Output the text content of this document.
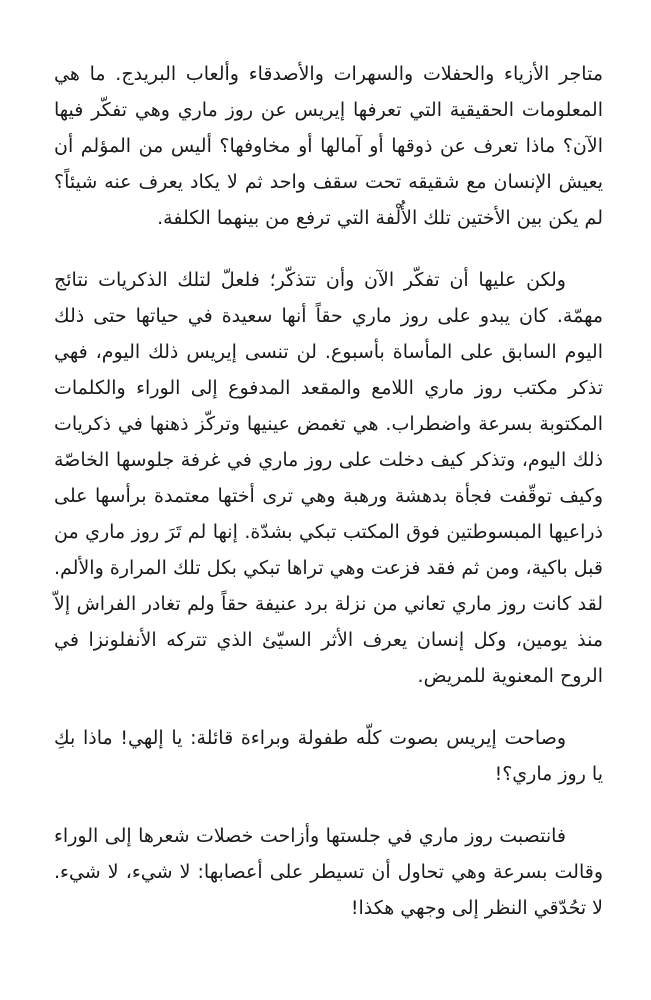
متاجر الأزياء والحفلات والسهرات والأصدقاء وألعاب البريدج. ما هي المعلومات الحقيقية التي تعرفها إيريس عن روز ماري وهي تفكّر فيها الآن؟ ماذا تعرف عن ذوقها أو آمالها أو مخاوفها؟ أليس من المؤلم أن يعيش الإنسان مع شقيقه تحت سقف واحد ثم لا يكاد يعرف عنه شيئاً؟ لم يكن بين الأختين تلك الأُلْفة التي ترفع من بينهما الكلفة.

ولكن عليها أن تفكّر الآن وأن تتذكّر؛ فلعلّ لتلك الذكريات نتائج مهمّة. كان يبدو على روز ماري حقاً أنها سعيدة في حياتها حتى ذلك اليوم السابق على المأساة بأسبوع. لن تنسى إيريس ذلك اليوم، فهي تذكر مكتب روز ماري اللامع والمقعد المدفوع إلى الوراء والكلمات المكتوبة بسرعة واضطراب. هي تغمض عينيها وتركّز ذهنها في ذكريات ذلك اليوم، وتذكر كيف دخلت على روز ماري في غرفة جلوسها الخاصّة وكيف توقّفت فجأة بدهشة ورهبة وهي ترى أختها معتمدة برأسها على ذراعيها المبسوطتين فوق المكتب تبكي بشدّة. إنها لم تَرَ روز ماري من قبل باكية، ومن ثم فقد فزعت وهي تراها تبكي بكل تلك المرارة والألم. لقد كانت روز ماري تعاني من نزلة برد عنيفة حقاً ولم تغادر الفراش إلاّ منذ يومين، وكل إنسان يعرف الأثر السيّئ الذي تتركه الأنفلونزا في الروح المعنوية للمريض.

وصاحت إيريس بصوت كلّه طفولة وبراءة قائلة: يا إلهي! ماذا بكِ يا روز ماري؟!

فانتصبت روز ماري في جلستها وأزاحت خصلات شعرها إلى الوراء وقالت بسرعة وهي تحاول أن تسيطر على أعصابها: لا شيء، لا شيء. لا تحُدّقي النظر إلى وجهي هكذا!
